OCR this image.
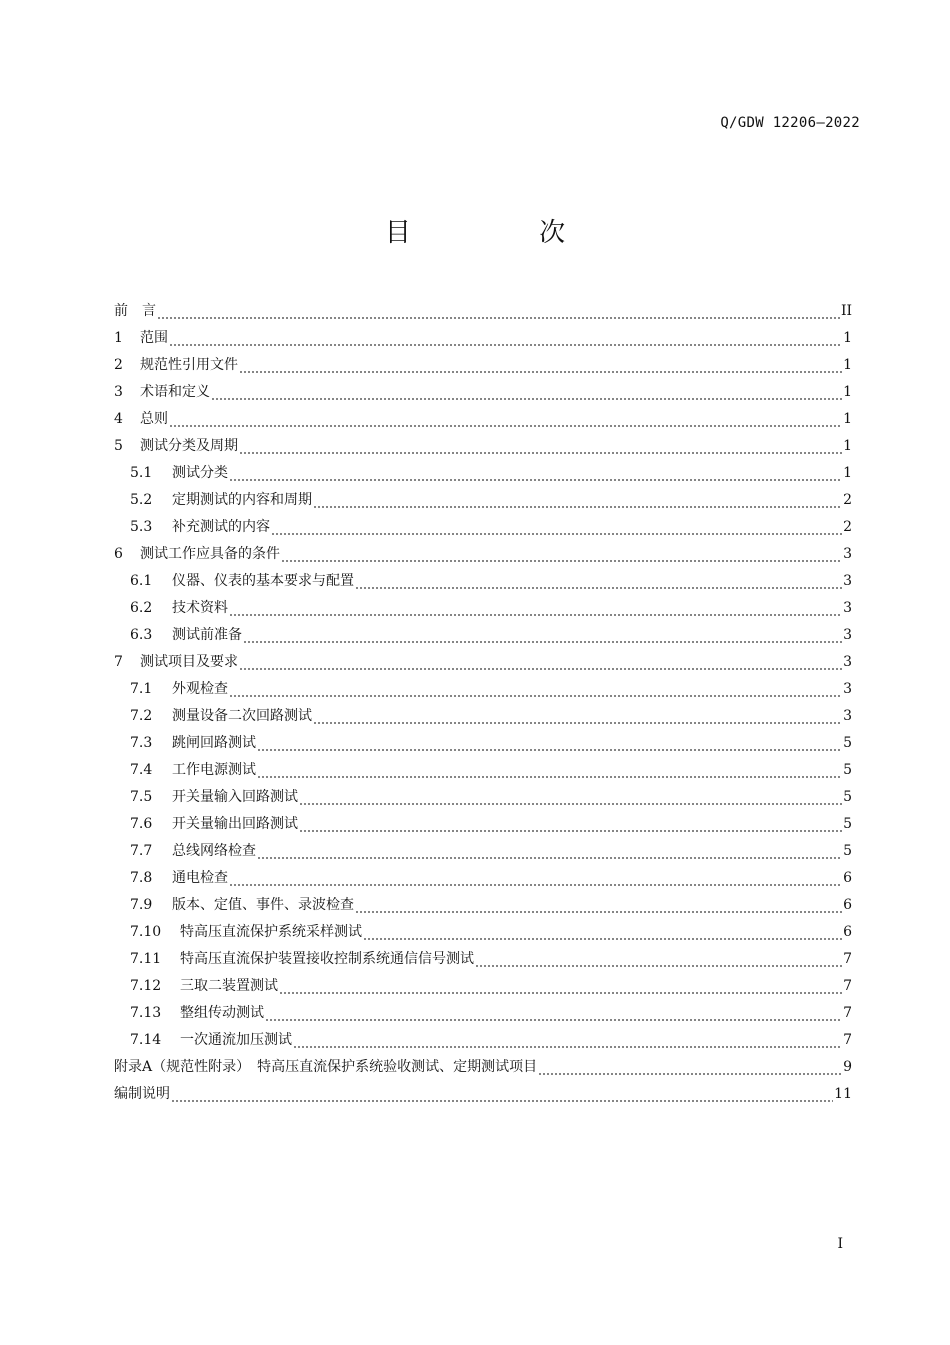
Q/GDW 12206—2022
目 次
前　言	II
1	范围	1
2	规范性引用文件	1
3	术语和定义	1
4	总则	1
5	测试分类及周期	1
5.1	测试分类	1
5.2	定期测试的内容和周期	2
5.3	补充测试的内容	2
6	测试工作应具备的条件	3
6.1	仪器、仪表的基本要求与配置	3
6.2	技术资料	3
6.3	测试前准备	3
7	测试项目及要求	3
7.1	外观检查	3
7.2	测量设备二次回路测试	3
7.3	跳闸回路测试	5
7.4	工作电源测试	5
7.5	开关量输入回路测试	5
7.6	开关量输出回路测试	5
7.7	总线网络检查	5
7.8	通电检查	6
7.9	版本、定值、事件、录波检查	6
7.10	特高压直流保护系统采样测试	6
7.11	特高压直流保护装置接收控制系统通信信号测试	7
7.12	三取二装置测试	7
7.13	整组传动测试	7
7.14	一次通流加压测试	7
附录A（规范性附录）　特高压直流保护系统验收测试、定期测试项目	9
编制说明	11
I
